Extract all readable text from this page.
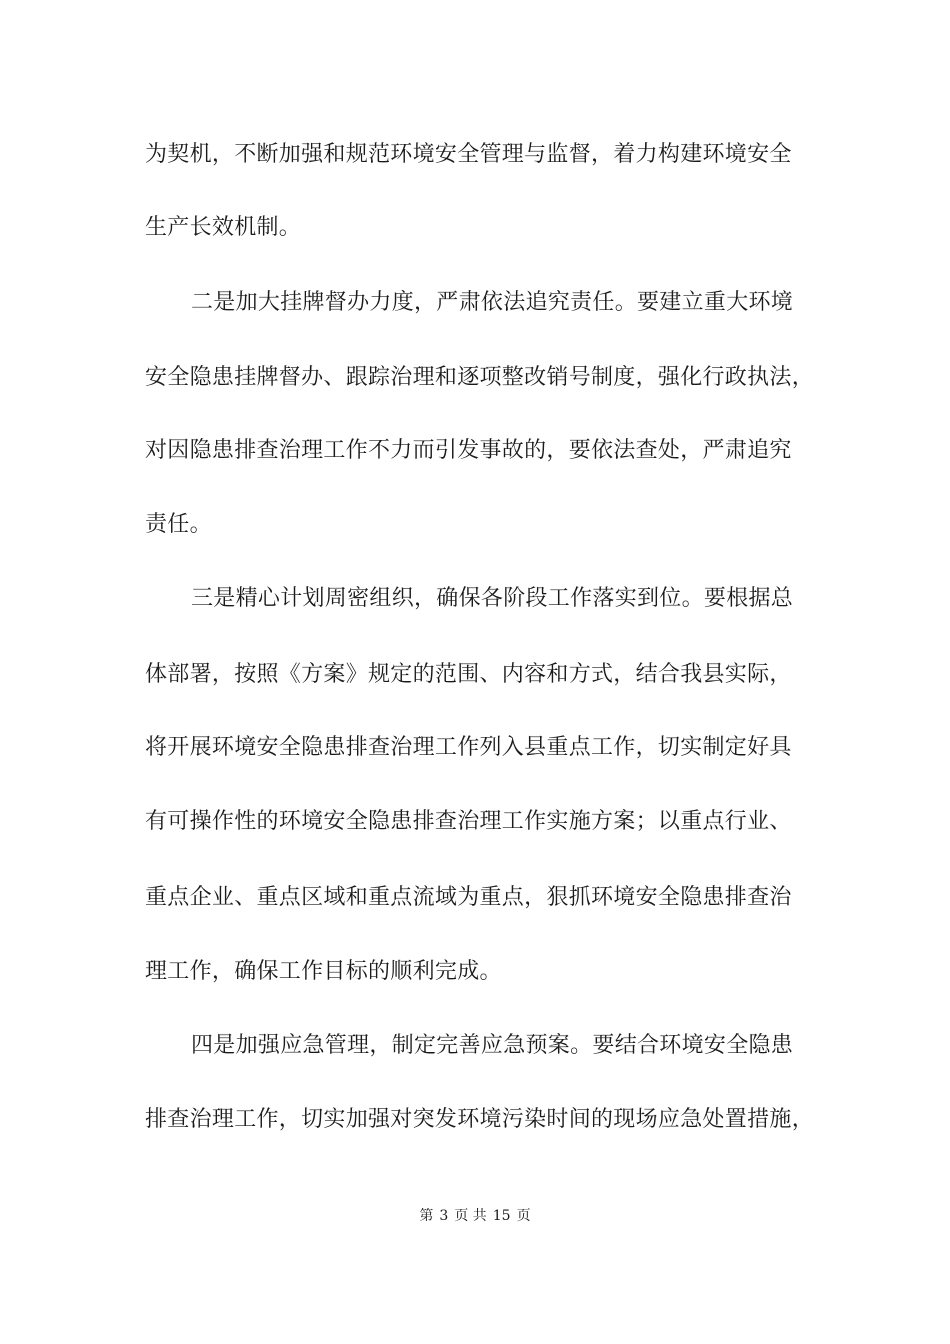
为契机，不断加强和规范环境安全管理与监督，着力构建环境安全
生产长效机制。
二是加大挂牌督办力度，严肃依法追究责任。要建立重大环境
安全隐患挂牌督办、跟踪治理和逐项整改销号制度，强化行政执法，
对因隐患排查治理工作不力而引发事故的，要依法查处，严肃追究
责任。
三是精心计划周密组织，确保各阶段工作落实到位。要根据总
体部署，按照《方案》规定的范围、内容和方式，结合我县实际，
将开展环境安全隐患排查治理工作列入县重点工作，切实制定好具
有可操作性的环境安全隐患排查治理工作实施方案；以重点行业、
重点企业、重点区域和重点流域为重点，狠抓环境安全隐患排查治
理工作，确保工作目标的顺利完成。
四是加强应急管理，制定完善应急预案。要结合环境安全隐患
排查治理工作，切实加强对突发环境污染时间的现场应急处置措施，
第 3 页 共 15 页
